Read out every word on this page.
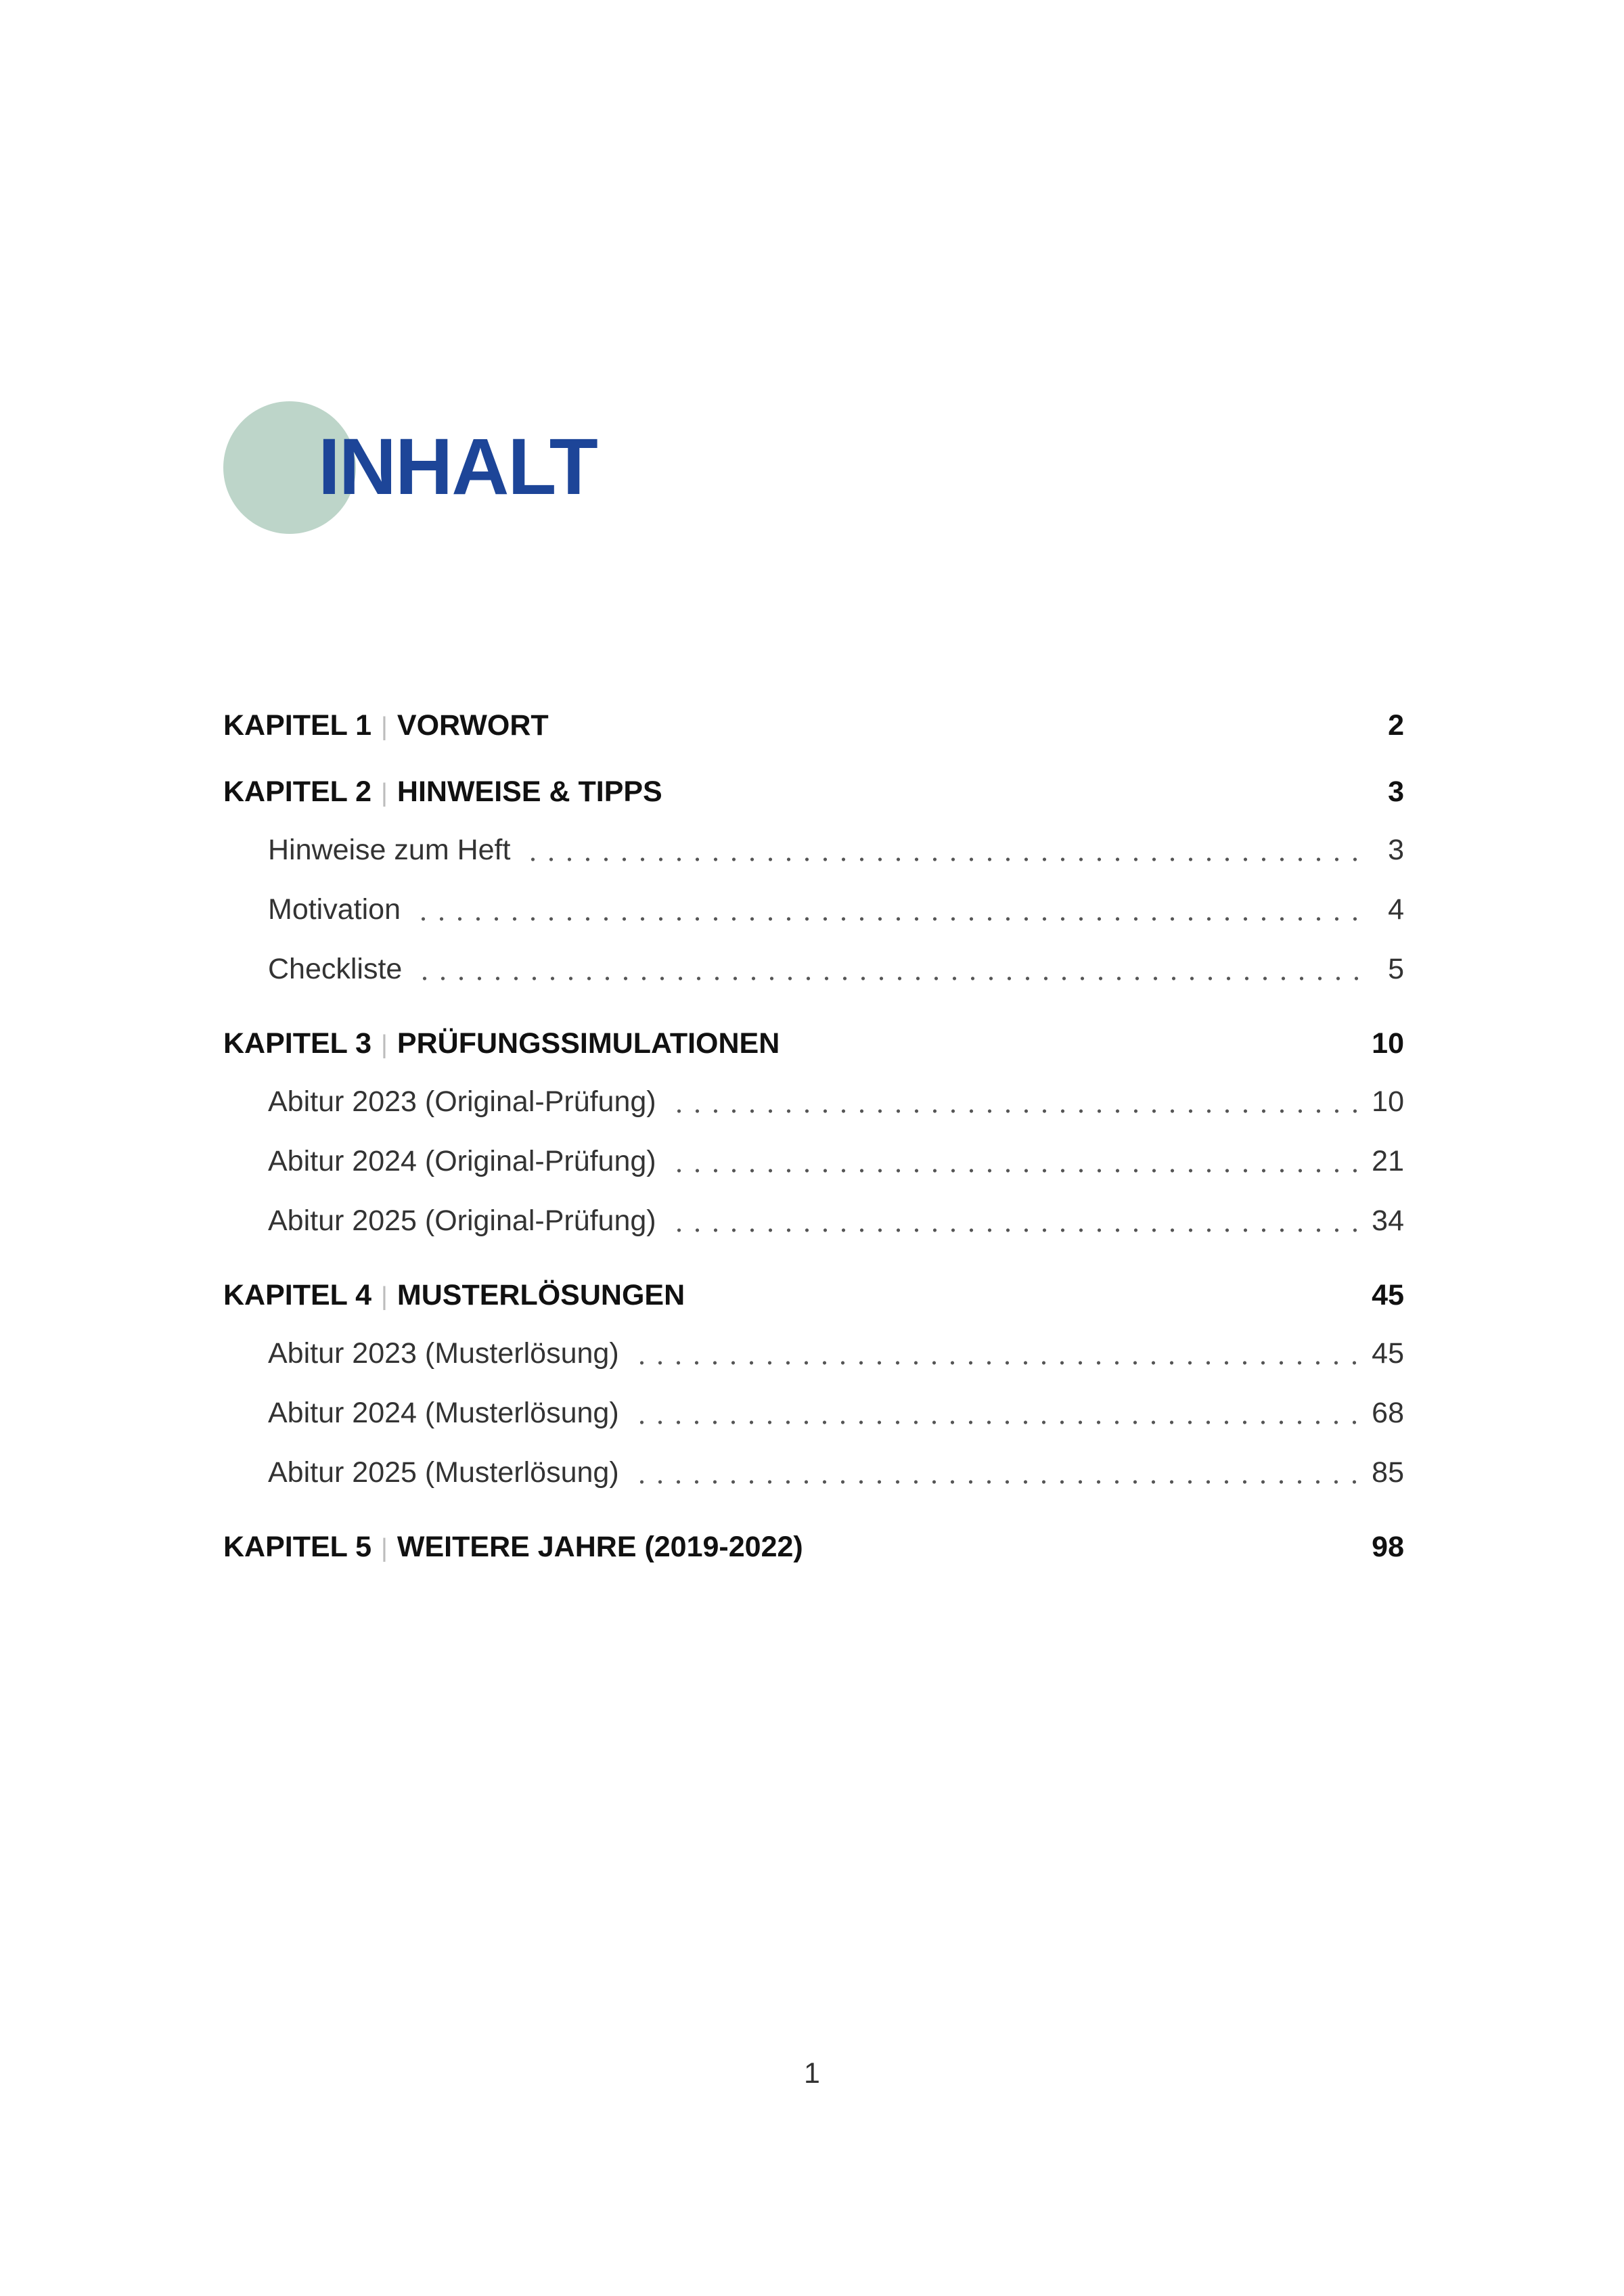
INHALT
KAPITEL 1 | VORWORT	2
KAPITEL 2 | HINWEISE & TIPPS	3
Hinweise zum Heft	3
Motivation	4
Checkliste	5
KAPITEL 3 | PRÜFUNGSSIMULATIONEN	10
Abitur 2023 (Original-Prüfung)	10
Abitur 2024 (Original-Prüfung)	21
Abitur 2025 (Original-Prüfung)	34
KAPITEL 4 | MUSTERLÖSUNGEN	45
Abitur 2023 (Musterlösung)	45
Abitur 2024 (Musterlösung)	68
Abitur 2025 (Musterlösung)	85
KAPITEL 5 | WEITERE JAHRE (2019-2022)	98
1
